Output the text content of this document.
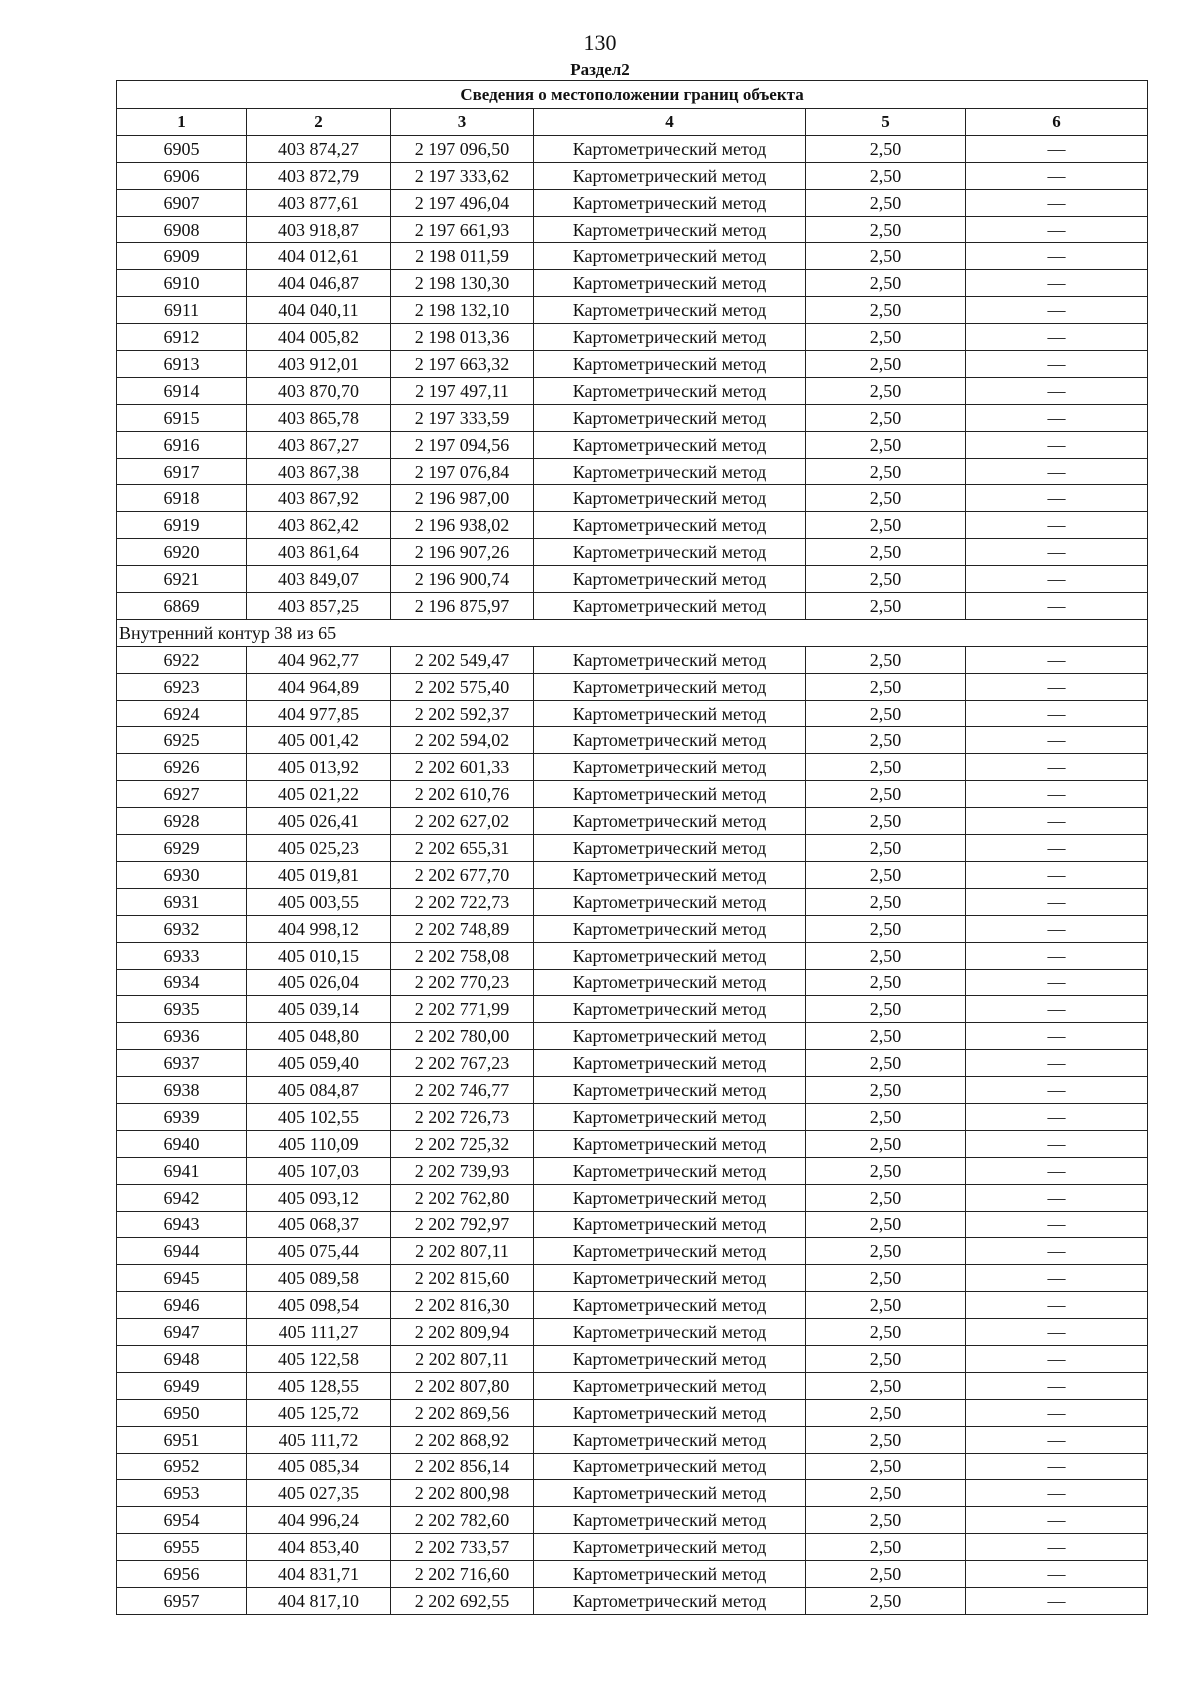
130
Раздел2
Сведения о местоположении границ объекта					
1	2	3	4	5	6
6905	403 874,27	2 197 096,50	Картометрический метод	2,50	—
6906	403 872,79	2 197 333,62	Картометрический метод	2,50	—
6907	403 877,61	2 197 496,04	Картометрический метод	2,50	—
6908	403 918,87	2 197 661,93	Картометрический метод	2,50	—
6909	404 012,61	2 198 011,59	Картометрический метод	2,50	—
6910	404 046,87	2 198 130,30	Картометрический метод	2,50	—
6911	404 040,11	2 198 132,10	Картометрический метод	2,50	—
6912	404 005,82	2 198 013,36	Картометрический метод	2,50	—
6913	403 912,01	2 197 663,32	Картометрический метод	2,50	—
6914	403 870,70	2 197 497,11	Картометрический метод	2,50	—
6915	403 865,78	2 197 333,59	Картометрический метод	2,50	—
6916	403 867,27	2 197 094,56	Картометрический метод	2,50	—
6917	403 867,38	2 197 076,84	Картометрический метод	2,50	—
6918	403 867,92	2 196 987,00	Картометрический метод	2,50	—
6919	403 862,42	2 196 938,02	Картометрический метод	2,50	—
6920	403 861,64	2 196 907,26	Картометрический метод	2,50	—
6921	403 849,07	2 196 900,74	Картометрический метод	2,50	—
6869	403 857,25	2 196 875,97	Картометрический метод	2,50	—
Внутренний контур 38 из 65					
6922	404 962,77	2 202 549,47	Картометрический метод	2,50	—
6923	404 964,89	2 202 575,40	Картометрический метод	2,50	—
6924	404 977,85	2 202 592,37	Картометрический метод	2,50	—
6925	405 001,42	2 202 594,02	Картометрический метод	2,50	—
6926	405 013,92	2 202 601,33	Картометрический метод	2,50	—
6927	405 021,22	2 202 610,76	Картометрический метод	2,50	—
6928	405 026,41	2 202 627,02	Картометрический метод	2,50	—
6929	405 025,23	2 202 655,31	Картометрический метод	2,50	—
6930	405 019,81	2 202 677,70	Картометрический метод	2,50	—
6931	405 003,55	2 202 722,73	Картометрический метод	2,50	—
6932	404 998,12	2 202 748,89	Картометрический метод	2,50	—
6933	405 010,15	2 202 758,08	Картометрический метод	2,50	—
6934	405 026,04	2 202 770,23	Картометрический метод	2,50	—
6935	405 039,14	2 202 771,99	Картометрический метод	2,50	—
6936	405 048,80	2 202 780,00	Картометрический метод	2,50	—
6937	405 059,40	2 202 767,23	Картометрический метод	2,50	—
6938	405 084,87	2 202 746,77	Картометрический метод	2,50	—
6939	405 102,55	2 202 726,73	Картометрический метод	2,50	—
6940	405 110,09	2 202 725,32	Картометрический метод	2,50	—
6941	405 107,03	2 202 739,93	Картометрический метод	2,50	—
6942	405 093,12	2 202 762,80	Картометрический метод	2,50	—
6943	405 068,37	2 202 792,97	Картометрический метод	2,50	—
6944	405 075,44	2 202 807,11	Картометрический метод	2,50	—
6945	405 089,58	2 202 815,60	Картометрический метод	2,50	—
6946	405 098,54	2 202 816,30	Картометрический метод	2,50	—
6947	405 111,27	2 202 809,94	Картометрический метод	2,50	—
6948	405 122,58	2 202 807,11	Картометрический метод	2,50	—
6949	405 128,55	2 202 807,80	Картометрический метод	2,50	—
6950	405 125,72	2 202 869,56	Картометрический метод	2,50	—
6951	405 111,72	2 202 868,92	Картометрический метод	2,50	—
6952	405 085,34	2 202 856,14	Картометрический метод	2,50	—
6953	405 027,35	2 202 800,98	Картометрический метод	2,50	—
6954	404 996,24	2 202 782,60	Картометрический метод	2,50	—
6955	404 853,40	2 202 733,57	Картометрический метод	2,50	—
6956	404 831,71	2 202 716,60	Картометрический метод	2,50	—
6957	404 817,10	2 202 692,55	Картометрический метод	2,50	—
